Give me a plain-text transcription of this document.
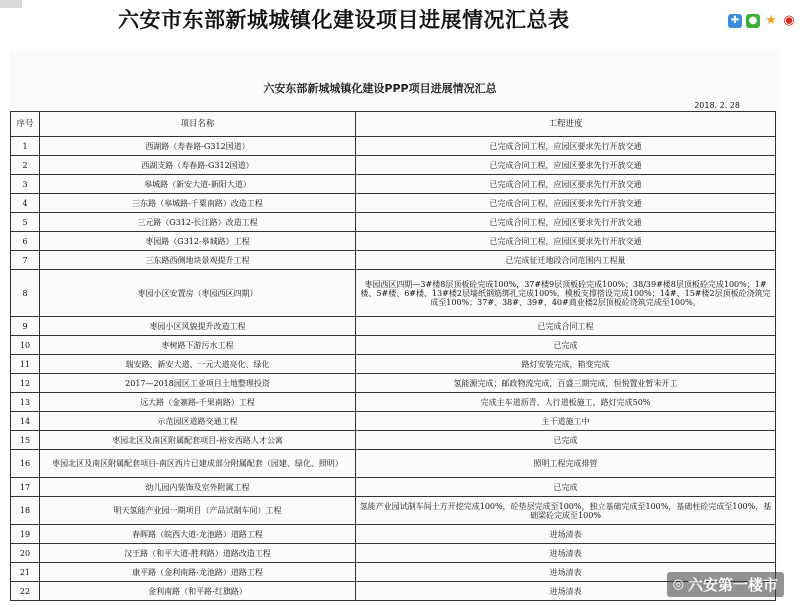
六安市东部新城城镇化建设项目进展情况汇总表	✚ ● ★ ◉
六安东部新城城镇化建设PPP项目进展情况汇总
2018. 2. 28
序号	项目名称	工程进度
1	西湖路（寿春路-G312国道）	已完成合同工程，应园区要求先行开放交通
2	西湖支路（寿春路-G312国道）	已完成合同工程，应园区要求先行开放交通
3	皋城路（新安大道-新阳大道）	已完成合同工程，应园区要求先行开放交通
4	三东路（皋城路-千粟南路）改造工程	已完成合同工程，应园区要求先行开放交通
5	三元路（G312-长江路）改造工程	已完成合同工程，应园区要求先行开放交通
6	枣园路（G312-皋城路）工程	已完成合同工程，应园区要求先行开放交通
7	三东路西侧地块景观提升工程	已完成征迁地段合同范围内工程量
8	枣园小区安置房（枣园西区四期）	枣园西区四期—3#楼8层顶板砼完成100%，37#楼9层顶板砼完成100%；38/39#楼8层顶板砼完成100%；1#楼、5#楼、6#楼、13#楼2层墙纸钢筋绑扎完成100%，模板支撑搭设完成100%；14#、15#楼2层顶板砼浇筑完成至100%；37#、38#、39#、40#商业楼2层顶板砼浇筑完成至100%。
9	枣园小区风貌提升改造工程	已完成合同工程
10	枣树路下游污水工程	已完成
11	瑞安路、新安大道、一元大道亮化、绿化	路灯安装完成，箱变完成
12	2017—2018园区工业项目土地整理投资	氢能源完成；邮政物流完成，百盛三期完成，恒悦置业暂未开工
13	远大路（金寨路-千果南路）工程	完成主车道沥青、人行道板施工，路灯完成50%
14	示范园区道路交通工程	主干道施工中
15	枣园北区及南区附属配套项目-裕安西路人才公寓	已完成
16	枣园北区及南区附属配套项目-南区西片已建成部分附属配套（园建、绿化、照明）	照明工程完成排管
17	幼儿园内装饰及室外附属工程	已完成
18	明天氢能产业园一期项目（产品试制车间）工程	氢能产业园试制车间土方开挖完成100%，砼垫层完成至100%，独立基础完成至100%，基础柱砼完成至100%，基础梁砼完成至100%
19	春晖路（皖西大道-龙池路）道路工程	进场清表
20	汉王路（和平大道-胜利路）道路改造工程	进场清表
21	康平路（金利南路-龙池路）道路工程	进场清表
22	金利南路（和平路-红旗路）	进场清表	◎ 六安第一楼市
